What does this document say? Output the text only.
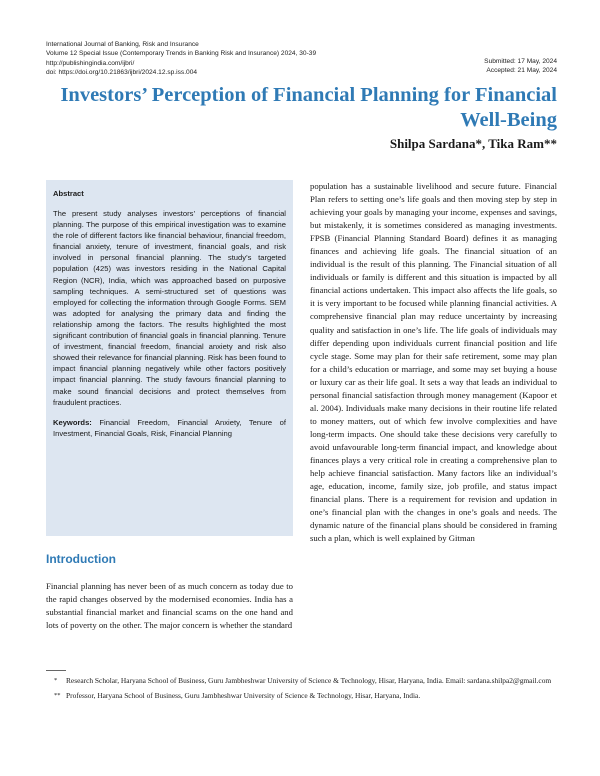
International Journal of Banking, Risk and Insurance
Volume 12 Special Issue (Contemporary Trends in Banking Risk and Insurance) 2024, 30-39
http://publishingindia.com/ijbri/
doi: https://doi.org/10.21863/ijbri/2024.12.sp.iss.004
Submitted: 17 May, 2024
Accepted: 21 May, 2024
Investors’ Perception of Financial Planning for Financial Well-Being
Shilpa Sardana*, Tika Ram**
Abstract

The present study analyses investors’ perceptions of financial planning. The purpose of this empirical investigation was to examine the role of different factors like financial behaviour, financial freedom, financial anxiety, tenure of investment, financial goals, and risk involved in personal financial planning. The study’s targeted population (425) was investors residing in the National Capital Region (NCR), India, which was approached based on purposive sampling techniques. A semi-structured set of questions was employed for collecting the information through Google Forms. SEM was adopted for analysing the primary data and finding the relationship among the factors. The results highlighted the most significant contribution of financial goals in financial planning. Tenure of investment, financial freedom, financial anxiety and risk also showed their relevance for financial planning. Risk has been found to impact financial planning negatively while other factors positively impact financial planning. The study favours financial planning to make sound financial decisions and protect themselves from fraudulent practices.

Keywords: Financial Freedom, Financial Anxiety, Tenure of Investment, Financial Goals, Risk, Financial Planning

Introduction

Financial planning has never been of as much concern as today due to the rapid changes observed by the modernised economies. India has a substantial financial market and financial scams on the one hand and lots of poverty on the other. The major concern is whether the standard

population has a sustainable livelihood and secure future. Financial Plan refers to setting one’s life goals and then moving step by step in achieving your goals by managing your income, expenses and savings, but mistakenly, it is sometimes considered as managing investments. FPSB (Financial Planning Standard Board) defines it as managing finances and achieving life goals. The financial situation of an individual is the result of this planning. The Financial situation of all individuals or family is different and this situation is impacted by all financial actions undertaken. This impact also affects the life goals, so it is very important to be focused while planning financial activities. A comprehensive financial plan may reduce uncertainty by increasing quality and satisfaction in one’s life. The life goals of individuals may differ depending upon individuals current financial position and life cycle stage. Some may plan for their safe retirement, some may plan for a child’s education or marriage, and some may set buying a house or luxury car as their life goal. It sets a way that leads an individual to personal financial satisfaction through money management (Kapoor et al. 2004). Individuals make many decisions in their routine life related to money matters, out of which few involve complexities and have long-term impacts. One should take these decisions very carefully to avoid unfavourable long-term financial impact, and knowledge about finances plays a very critical role in creating a comprehensive plan to help achieve financial satisfaction. Many factors like an individual’s age, education, income, family size, job profile, and status impact financial plans. There is a requirement for revision and updation in one’s financial plan with the changes in one’s goals and needs. The dynamic nature of the financial plans should be considered in framing such a plan, which is well explained by Gitman

*	Research Scholar, Haryana School of Business, Guru Jambheshwar University of Science & Technology, Hisar, Haryana, India. Email: sardana.shilpa2@gmail.com
** Professor, Haryana School of Business, Guru Jambheshwar University of Science & Technology, Hisar, Haryana, India.
